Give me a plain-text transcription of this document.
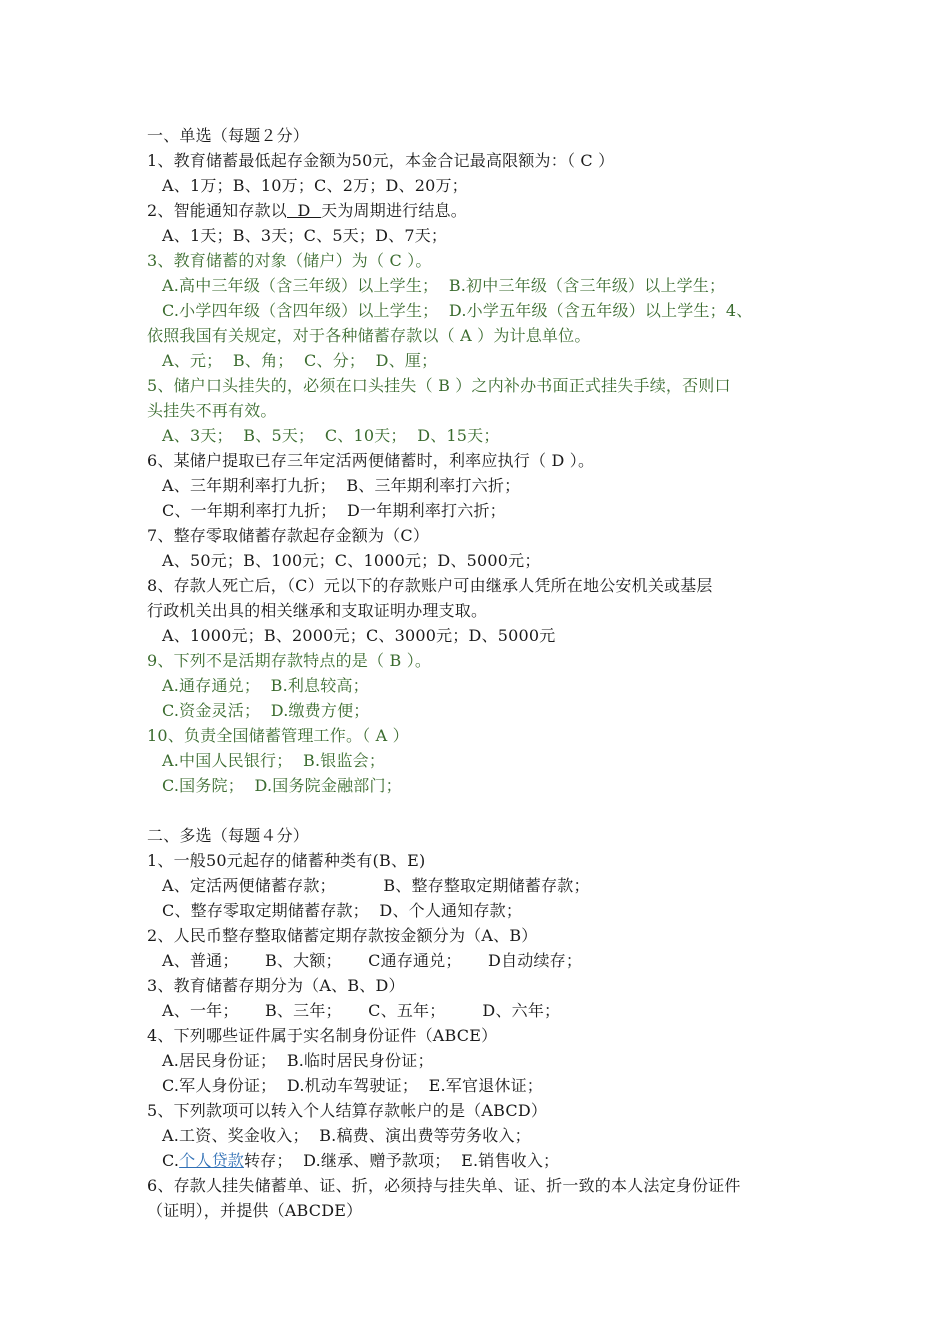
一、单选（每题２分）
1、教育储蓄最低起存金额为50元，本金合记最高限额为：（ C ）
A、1万；B、10万；C、2万；D、20万；
2、智能通知存款以  D  天为周期进行结息。
A、1天；B、3天；C、5天；D、7天；
3、教育储蓄的对象（储户）为（ C ）。
A.高中三年级（含三年级）以上学生；  B.初中三年级（含三年级）以上学生；
C.小学四年级（含四年级）以上学生；  D.小学五年级（含五年级）以上学生；4、
依照我国有关规定，对于各种储蓄存款以（ A ）为计息单位。
A、元；  B、角；  C、分；  D、厘；
5、储户口头挂失的，必须在口头挂失（ B ）之内补办书面正式挂失手续，否则口
头挂失不再有效。
A、3天；  B、5天；  C、10天；  D、15天；
6、某储户提取已存三年定活两便储蓄时，利率应执行（ D ）。
A、三年期利率打九折；  B、三年期利率打六折；
C、一年期利率打九折；  D一年期利率打六折；
7、整存零取储蓄存款起存金额为（C）
A、50元；B、100元；C、1000元；D、5000元；
8、存款人死亡后，（C）元以下的存款账户可由继承人凭所在地公安机关或基层
行政机关出具的相关继承和支取证明办理支取。
A、1000元；B、2000元；C、3000元；D、5000元
9、下列不是活期存款特点的是（ B ）。
A.通存通兑；  B.利息较高；
C.资金灵活；  D.缴费方便；
10、负责全国储蓄管理工作。（ A ）
A.中国人民银行；  B.银监会；
C.国务院；  D.国务院金融部门；
二、多选（每题４分）
1、一般50元起存的储蓄种类有(B、E)
A、定活两便储蓄存款；         B、整存整取定期储蓄存款；
C、整存零取定期储蓄存款；  D、个人通知存款；
2、人民币整存整取储蓄定期存款按金额分为（A、B）
A、普通；     B、大额；     C通存通兑；     D自动续存；
3、教育储蓄存期分为（A、B、D）
A、一年；     B、三年；     C、五年；       D、六年；
4、下列哪些证件属于实名制身份证件（ABCE）
A.居民身份证；  B.临时居民身份证；
C.军人身份证；  D.机动车驾驶证；  E.军官退休证；
5、下列款项可以转入个人结算存款帐户的是（ABCD）
A.工资、奖金收入；  B.稿费、演出费等劳务收入；
C.个人贷款转存；  D.继承、赠予款项；  E.销售收入；
6、存款人挂失储蓄单、证、折，必须持与挂失单、证、折一致的本人法定身份证件
（证明），并提供（ABCDE）
